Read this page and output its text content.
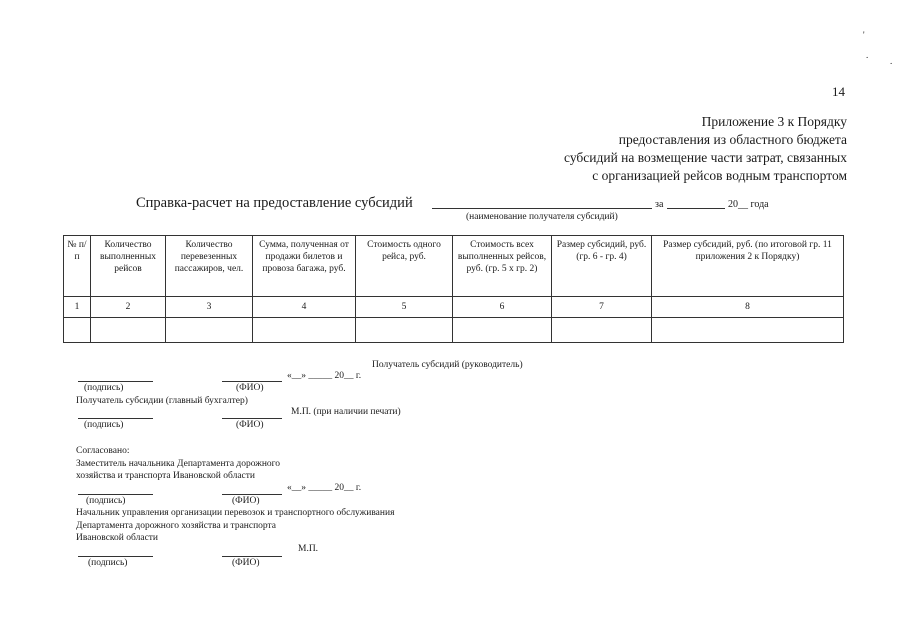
'
.
.
14
Приложение 3 к Порядку
предоставления из областного бюджета
субсидий на возмещение части затрат, связанных
с организацией рейсов водным транспортом
Справка-расчет на предоставление субсидий	за	20__ года
(наименование получателя субсидий)
№ п/п	Количество выполненных рейсов	Количество перевезенных пассажиров, чел.	Сумма, полученная от продажи билетов и провоза багажа, руб.	Стоимость одного рейса, руб.	Стоимость всех выполненных рейсов, руб. (гр. 5 х гр. 2)	Размер субсидий, руб. (гр. 6 - гр. 4)	Размер субсидий, руб. (по итоговой гр. 11 приложения 2 к Порядку)
1	2	3	4	5	6	7	8

Получатель субсидий (руководитель)
«__» _____ 20__ г.
(подпись)	(ФИО)
Получатель субсидии (главный бухгалтер)
М.П. (при наличии печати)
(подпись)	(ФИО)
Согласовано:
Заместитель начальника Департамента дорожного
хозяйства и транспорта Ивановской области
«__» _____ 20__ г.
(подпись)	(ФИО)
Начальник управления организации перевозок и транспортного обслуживания
Департамента дорожного хозяйства и транспорта
Ивановской области
М.П.
(подпись)	(ФИО)
